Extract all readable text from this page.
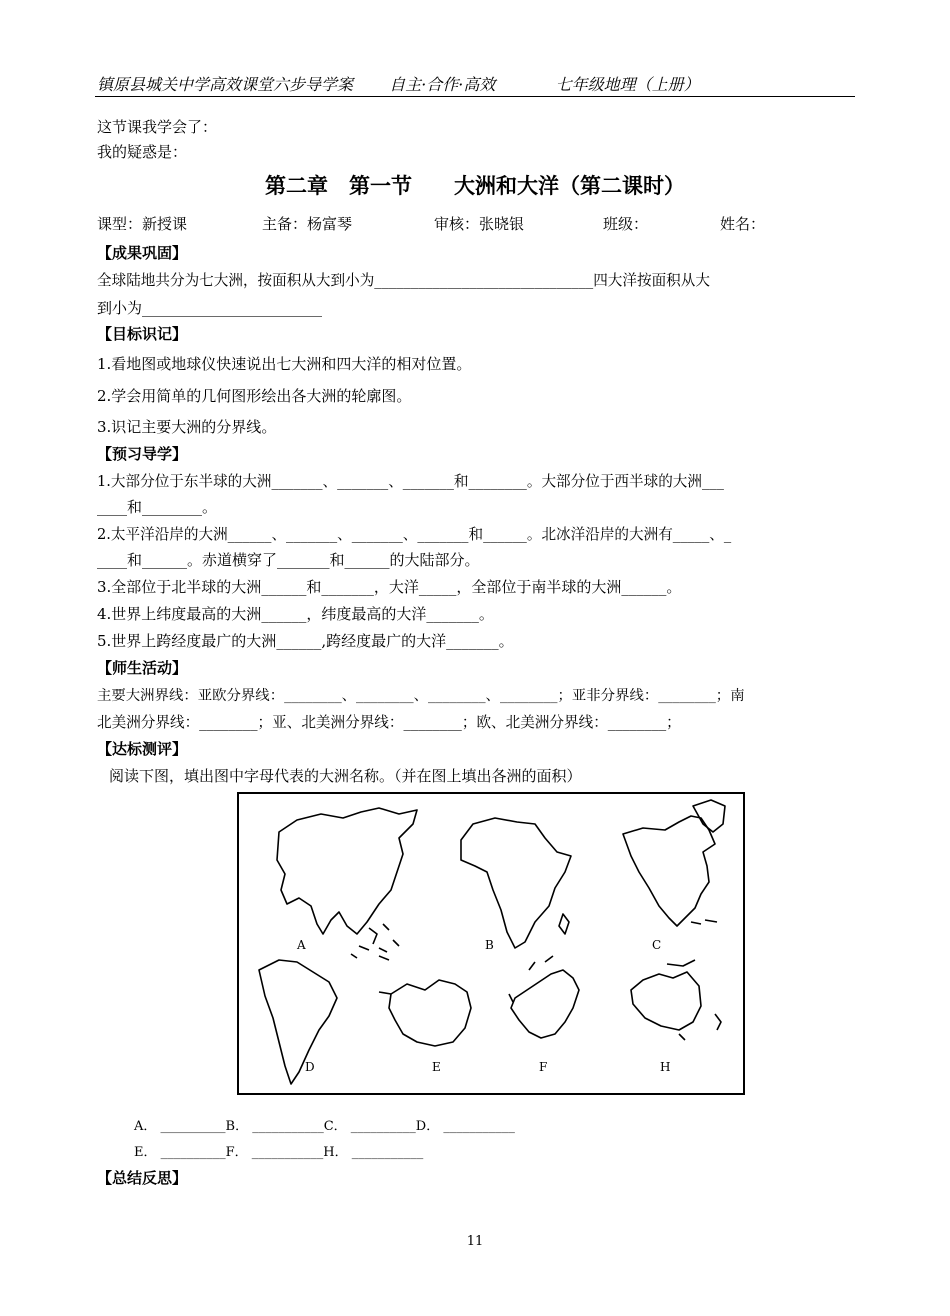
镇原县城关中学高效课堂六步导学案 自主·合作·高效	七年级地理（上册）
这节课我学会了：
我的疑惑是：
第二章　第一节　　大洲和大洋（第二课时）
课型：新授课	主备：杨富琴	审核：张晓银	班级：	姓名：
【成果巩固】
全球陆地共分为七大洲，按面积从大到小为______________________________四大洋按面积从大
到小为________________________
【目标识记】
1.看地图或地球仪快速说出七大洲和四大洋的相对位置。
2.学会用简单的几何图形绘出各大洲的轮廓图。
3.识记主要大洲的分界线。
【预习导学】
1.大部分位于东半球的大洲_______、_______、_______和________。大部分位于西半球的大洲___
____和________。
2.太平洋沿岸的大洲______、_______、_______、_______和______。北冰洋沿岸的大洲有_____、_
____和______。赤道横穿了_______和______的大陆部分。
3.全部位于北半球的大洲______和_______，大洋_____，全部位于南半球的大洲______。
4.世界上纬度最高的大洲______，纬度最高的大洋_______。
5.世界上跨经度最广的大洲______,跨经度最广的大洋_______。
【师生活动】
主要大洲界线：亚欧分界线：________、________、________、________；亚非分界线：________；南
北美洲分界线：________；亚、北美洲分界线：________；欧、北美洲分界线：________；
【达标测评】
阅读下图，填出图中字母代表的大洲名称。（并在图上填出各洲的面积）
A	B	C
D	E	F	H
A． __________B． ___________C． __________D． ___________
E． __________F． ___________H． ___________
【总结反思】
11
